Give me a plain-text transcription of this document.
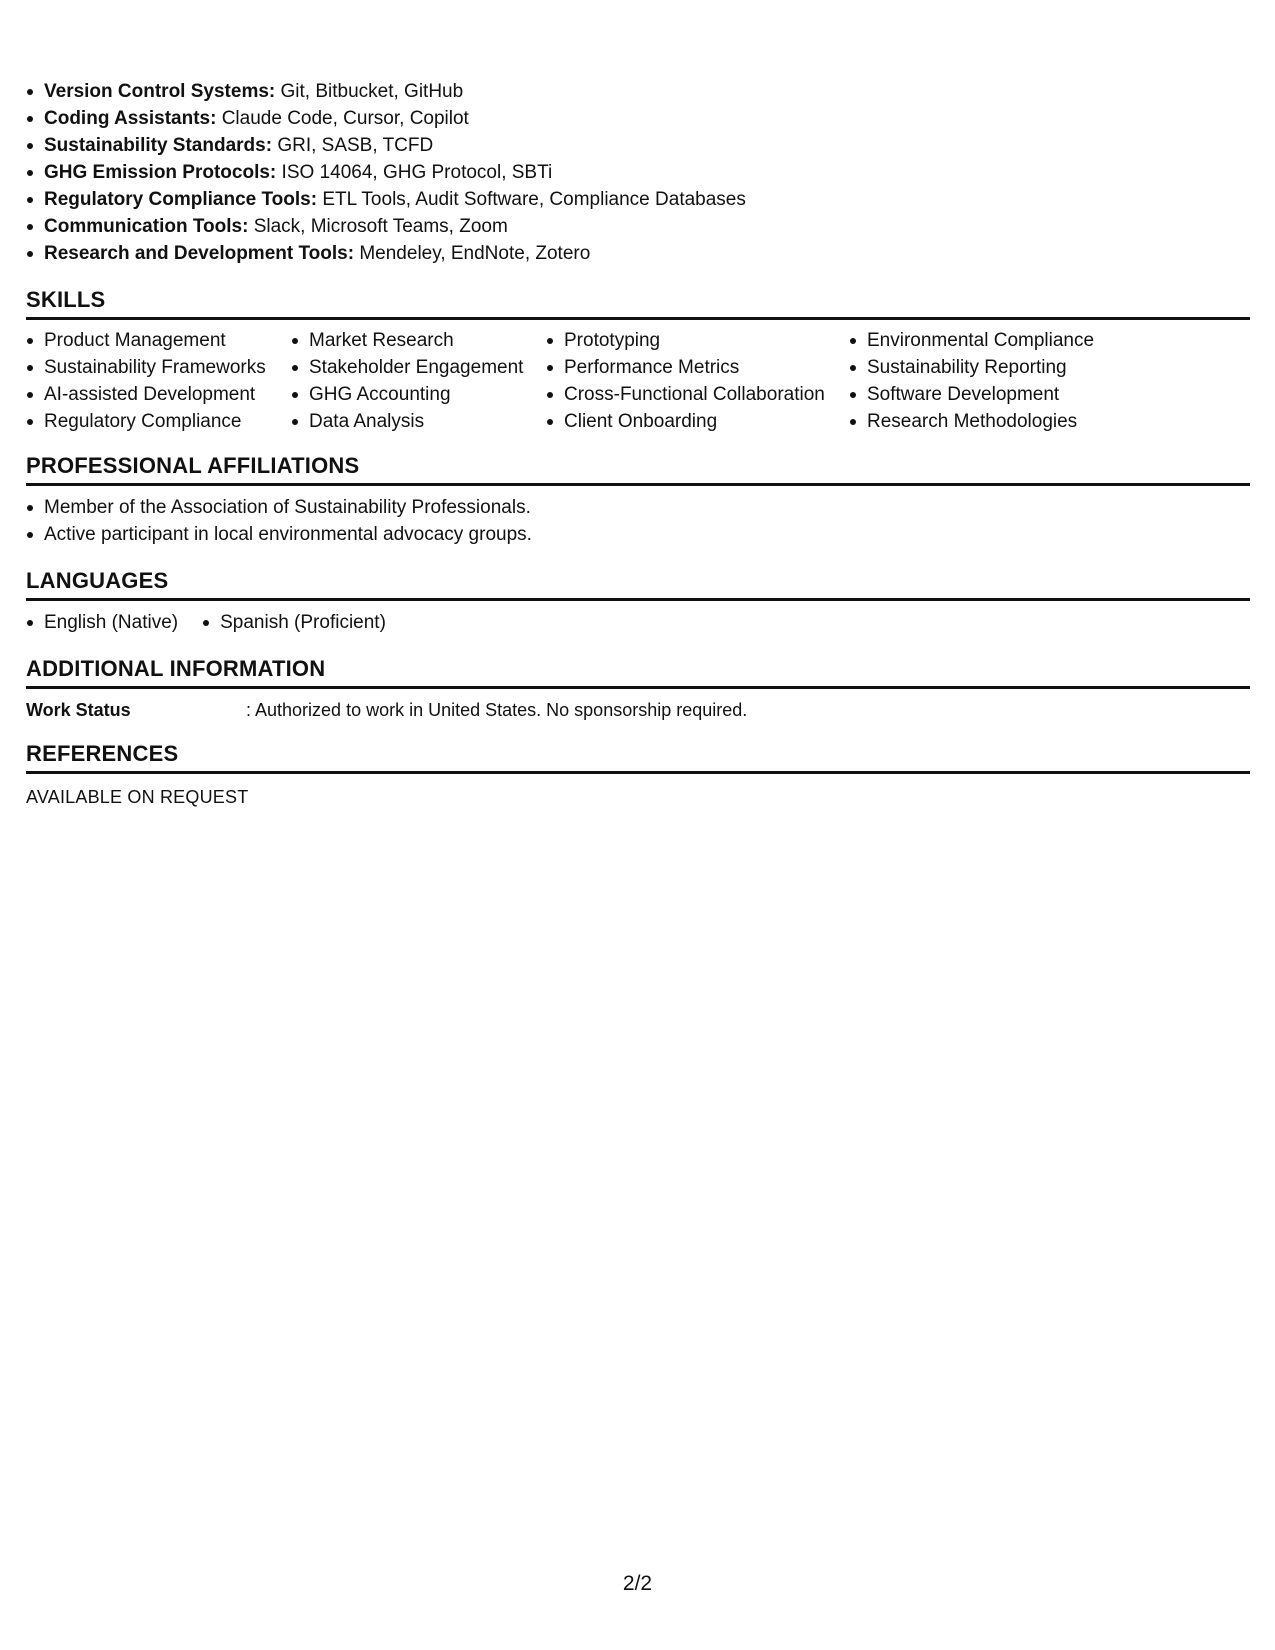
Version Control Systems: Git, Bitbucket, GitHub
Coding Assistants: Claude Code, Cursor, Copilot
Sustainability Standards: GRI, SASB, TCFD
GHG Emission Protocols: ISO 14064, GHG Protocol, SBTi
Regulatory Compliance Tools: ETL Tools, Audit Software, Compliance Databases
Communication Tools: Slack, Microsoft Teams, Zoom
Research and Development Tools: Mendeley, EndNote, Zotero
SKILLS
Product Management
Sustainability Frameworks
AI-assisted Development
Regulatory Compliance
Market Research
Stakeholder Engagement
GHG Accounting
Data Analysis
Prototyping
Performance Metrics
Cross-Functional Collaboration
Client Onboarding
Environmental Compliance
Sustainability Reporting
Software Development
Research Methodologies
PROFESSIONAL AFFILIATIONS
Member of the Association of Sustainability Professionals.
Active participant in local environmental advocacy groups.
LANGUAGES
English (Native)	Spanish (Proficient)
ADDITIONAL INFORMATION
Work Status	: Authorized to work in United States. No sponsorship required.
REFERENCES
AVAILABLE ON REQUEST
2/2
